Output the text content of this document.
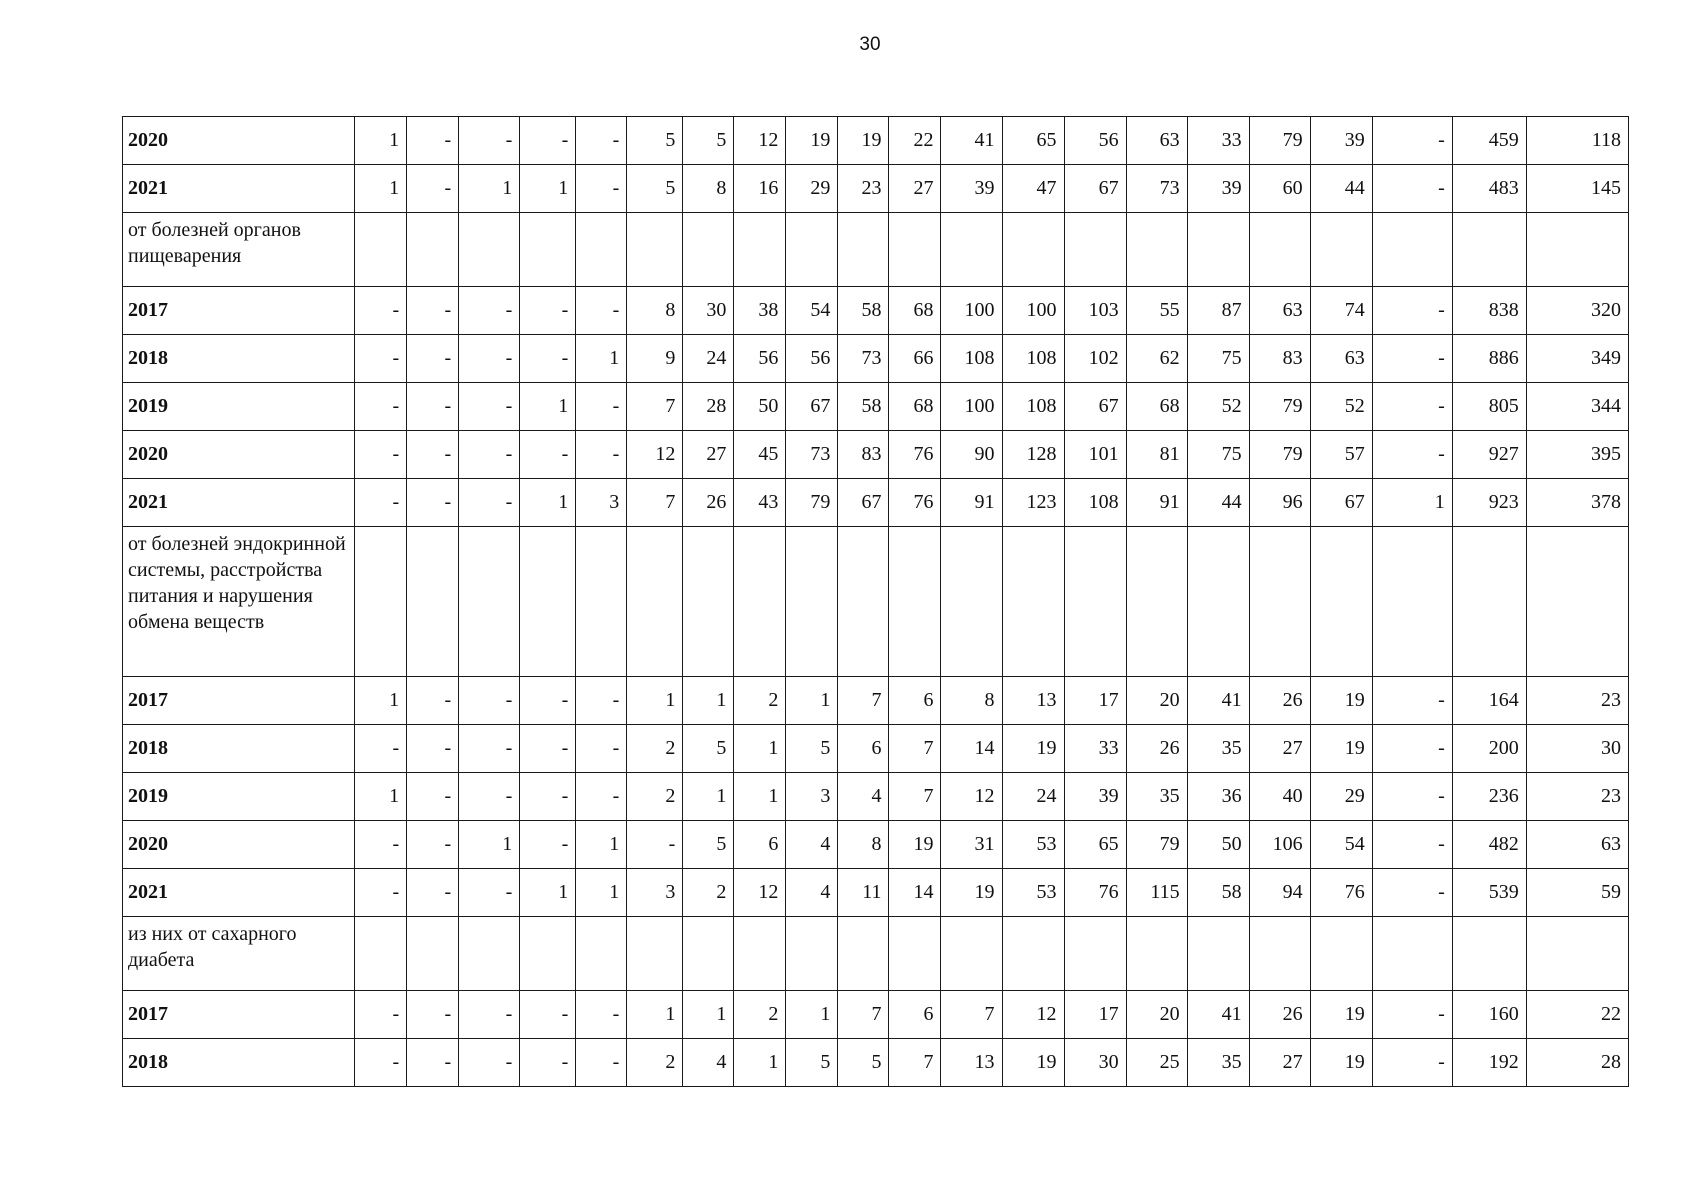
30
2020	1	-	-	-	-	5	5	12	19	19	22	41	65	56	63	33	79	39	-	459	118
2021	1	-	1	1	-	5	8	16	29	23	27	39	47	67	73	39	60	44	-	483	145
от болезней органов пищеварения																					
2017	-	-	-	-	-	8	30	38	54	58	68	100	100	103	55	87	63	74	-	838	320
2018	-	-	-	-	1	9	24	56	56	73	66	108	108	102	62	75	83	63	-	886	349
2019	-	-	-	1	-	7	28	50	67	58	68	100	108	67	68	52	79	52	-	805	344
2020	-	-	-	-	-	12	27	45	73	83	76	90	128	101	81	75	79	57	-	927	395
2021	-	-	-	1	3	7	26	43	79	67	76	91	123	108	91	44	96	67	1	923	378
от болезней эндокринной системы, расстройства питания и нарушения обмена веществ																					
2017	1	-	-	-	-	1	1	2	1	7	6	8	13	17	20	41	26	19	-	164	23
2018	-	-	-	-	-	2	5	1	5	6	7	14	19	33	26	35	27	19	-	200	30
2019	1	-	-	-	-	2	1	1	3	4	7	12	24	39	35	36	40	29	-	236	23
2020	-	-	1	-	1	-	5	6	4	8	19	31	53	65	79	50	106	54	-	482	63
2021	-	-	-	1	1	3	2	12	4	11	14	19	53	76	115	58	94	76	-	539	59
из них от сахарного диабета																					
2017	-	-	-	-	-	1	1	2	1	7	6	7	12	17	20	41	26	19	-	160	22
2018	-	-	-	-	-	2	4	1	5	5	7	13	19	30	25	35	27	19	-	192	28
